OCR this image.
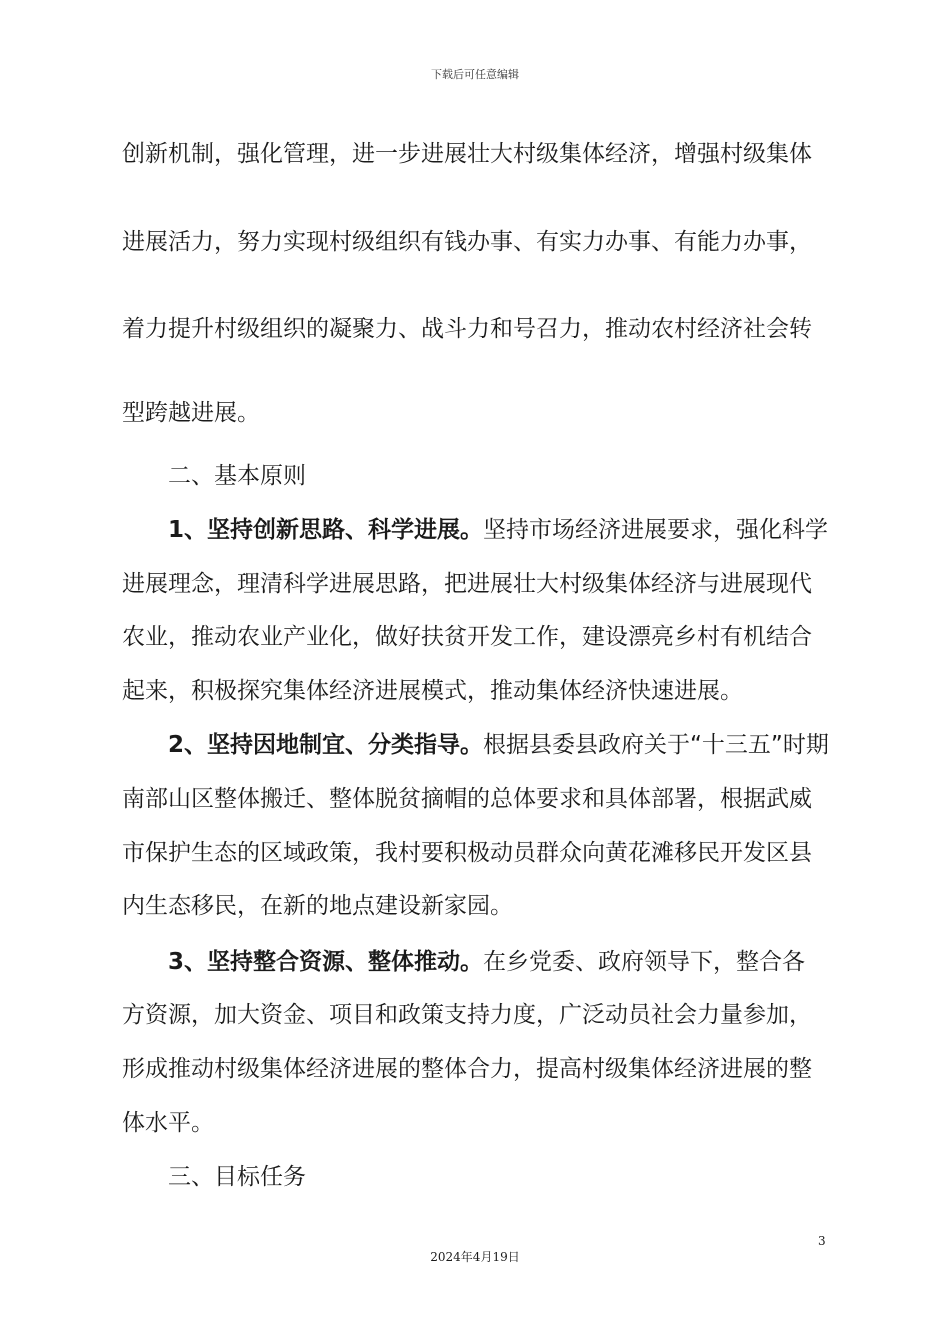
下载后可任意编辑
创新机制，强化管理，进一步进展壮大村级集体经济，增强村级集体
进展活力，努力实现村级组织有钱办事、有实力办事、有能力办事，
着力提升村级组织的凝聚力、战斗力和号召力，推动农村经济社会转
型跨越进展。
二、基本原则
1、坚持创新思路、科学进展。坚持市场经济进展要求，强化科学
进展理念，理清科学进展思路，把进展壮大村级集体经济与进展现代
农业，推动农业产业化，做好扶贫开发工作，建设漂亮乡村有机结合
起来，积极探究集体经济进展模式，推动集体经济快速进展。
2、坚持因地制宜、分类指导。根据县委县政府关于“十三五”时期
南部山区整体搬迁、整体脱贫摘帽的总体要求和具体部署，根据武威
市保护生态的区域政策，我村要积极动员群众向黄花滩移民开发区县
内生态移民，在新的地点建设新家园。
3、坚持整合资源、整体推动。在乡党委、政府领导下，整合各
方资源，加大资金、项目和政策支持力度，广泛动员社会力量参加，
形成推动村级集体经济进展的整体合力，提高村级集体经济进展的整
体水平。
三、目标任务
3
2024年4月19日
